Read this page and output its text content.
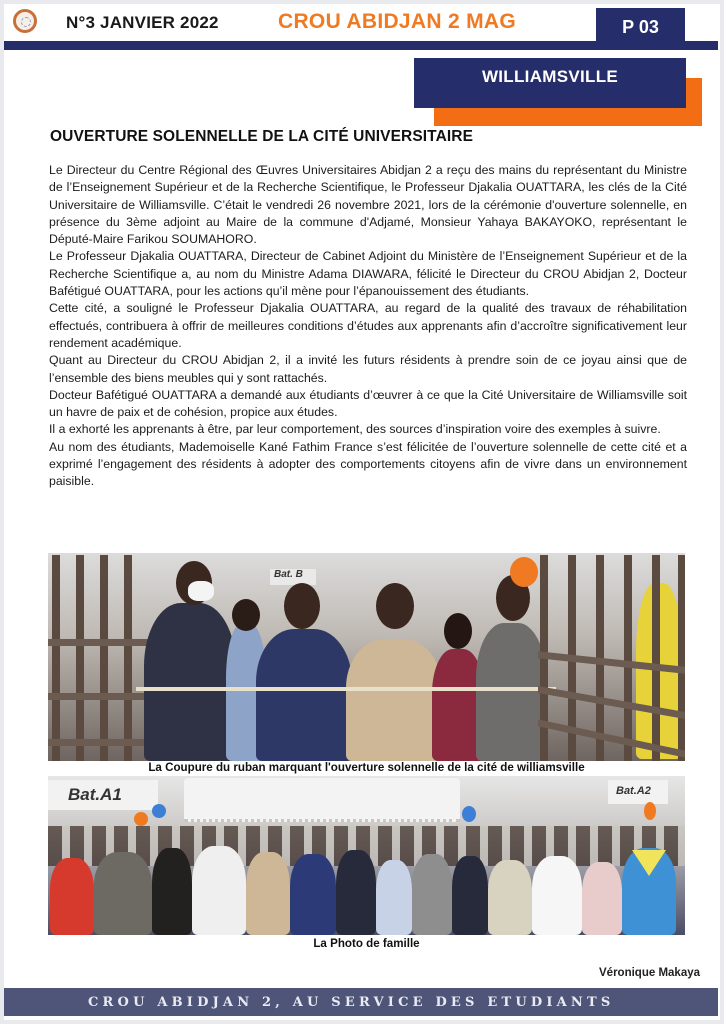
N°3 JANVIER 2022	CROU ABIDJAN 2 MAG	P 03
WILLIAMSVILLE
OUVERTURE SOLENNELLE DE LA CITÉ UNIVERSITAIRE

Le Directeur du Centre Régional des Œuvres Universitaires Abidjan 2 a reçu des mains du représentant du Ministre de l’Enseignement Supérieur et de la Recherche Scientifique, le Professeur Djakalia OUATTARA, les clés de la Cité Universitaire de Williamsville. C’était le vendredi 26 novembre 2021, lors de la cérémonie d'ouverture solennelle, en présence du 3ème adjoint au Maire de la commune d'Adjamé, Monsieur Yahaya BAKAYOKO, représentant le Député-Maire Farikou SOUMAHORO.

Le Professeur Djakalia OUATTARA, Directeur de Cabinet Adjoint du Ministère de l’Enseignement Supérieur et de la Recherche Scientifique a, au nom du Ministre Adama DIAWARA, félicité le Directeur du CROU Abidjan 2, Docteur Bafétigué OUATTARA, pour les actions qu’il mène pour l’épanouissement des étudiants.

Cette cité, a souligné le Professeur Djakalia OUATTARA, au regard de la qualité des travaux de réhabilitation effectués, contribuera à offrir de meilleures conditions d’études aux apprenants afin d’accroître significativement leur rendement académique.

Quant au Directeur du CROU Abidjan 2, il a invité les futurs résidents à prendre soin de ce joyau ainsi que de l’ensemble des biens meubles qui y sont rattachés.

Docteur Bafétigué OUATTARA a demandé aux étudiants d’œuvrer à ce que la Cité Universitaire de Williamsville soit un havre de paix et de cohésion, propice aux études.

Il a exhorté les apprenants à être, par leur comportement, des sources d’inspiration voire des exemples à suivre.

Au nom des étudiants, Mademoiselle Kané Fathim France s’est félicitée de l’ouverture solennelle de cette cité et a exprimé l’engagement des résidents à adopter des comportements citoyens afin de vivre dans un environnement paisible.

Bat. B
La Coupure du ruban marquant l'ouverture solennelle de la cité de williamsville
Bat.A1	Bat.A2
La Photo de famille
Véronique Makaya
CROU ABIDJAN 2, AU SERVICE DES ETUDIANTS
